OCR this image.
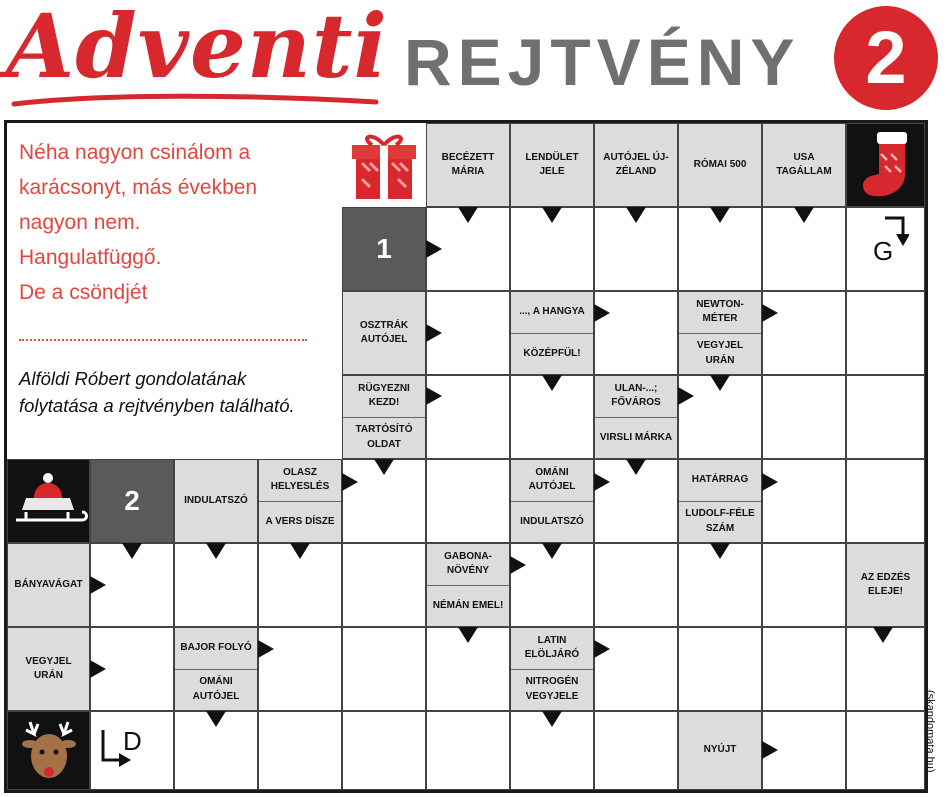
Adventi REJTVÉNY 2
Néha nagyon csinálom a
karácsonyt, más években
nagyon nem.
Hangulatfüggő.
De a csöndjét
Alföldi Róbert gondolatának
folytatása a rejtvényben található.
BECÉZETT MÁRIA
LENDÜLET JELE
AUTÓJEL ÚJ-ZÉLAND
RÓMAI 500
USA TAGÁLLAM
1	G
OSZTRÁK AUTÓJEL
..., A HANGYA
KÖZÉPFÜL!
NEWTON-MÉTER
VEGYJEL URÁN
RÜGYEZNI KEZD!
TARTÓSÍTÓ OLDAT
ULAN-...; FŐVÁROS
VIRSLI MÁRKA
2	INDULATSZÓ
OLASZ HELYESLÉS
A VERS DÍSZE
OMÁNI AUTÓJEL
INDULATSZÓ
HATÁRRAG
LUDOLF-FÉLE SZÁM
BÁNYAVÁGAT
GABONA-NÖVÉNY
NÉMÁN EMEL!
AZ EDZÉS ELEJE!
VEGYJEL URÁN
BAJOR FOLYÓ
OMÁNI AUTÓJEL
LATIN ELÖLJÁRÓ
NITROGÉN VEGYJELE
D	NYÚJT	(skandomata.hu)
